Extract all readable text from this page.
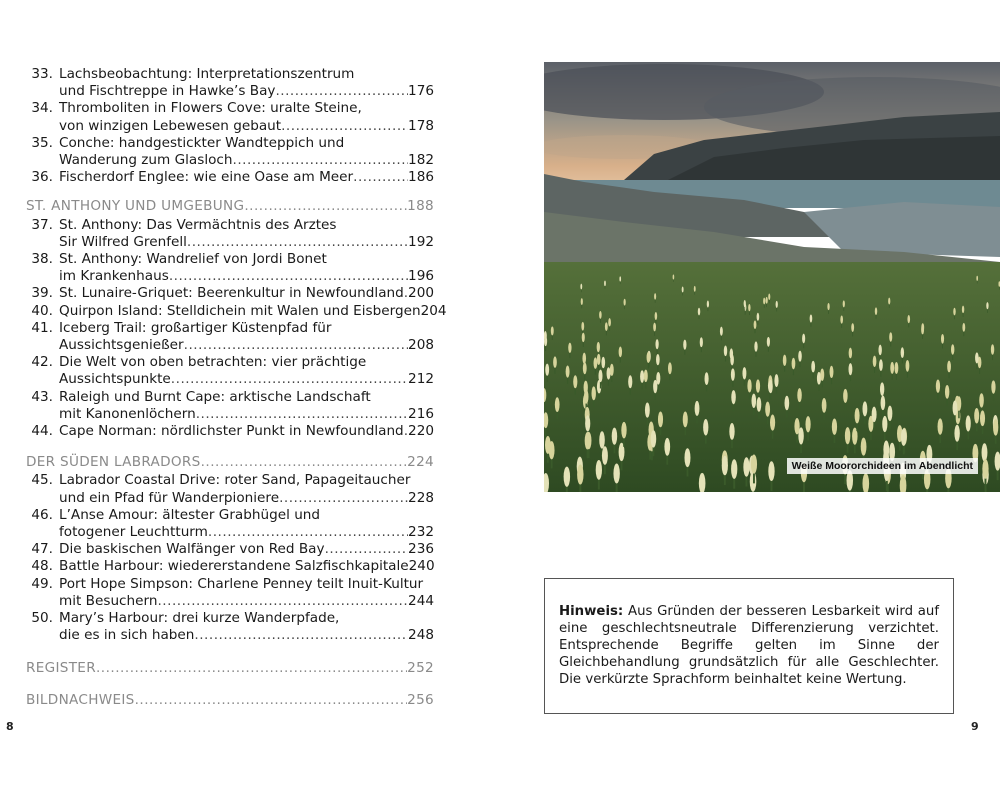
33. Lachsbeobachtung: Interpretationszentrum
und Fischtreppe in Hawke’s Bay .....	176
34. Thromboliten in Flowers Cove: uralte Steine,
von winzigen Lebewesen gebaut .....	178
35. Conche: handgestickter Wandteppich und
Wanderung zum Glasloch .....	182
36. Fischerdorf Englee: wie eine Oase am Meer .....	186
ST. ANTHONY UND UMGEBUNG .....	188
37. St. Anthony: Das Vermächtnis des Arztes
Sir Wilfred Grenfell .....	192
38. St. Anthony: Wandrelief von Jordi Bonet
im Krankenhaus .....	196
39. St. Lunaire-Griquet: Beerenkultur in Newfoundland ..... 200
40. Quirpon Island: Stelldichein mit Walen und Eisbergen 204
41. Iceberg Trail: großartiger Küstenpfad für
Aussichtsgenießer .....	208
42. Die Welt von oben betrachten: vier prächtige
Aussichtspunkte .....	212
43. Raleigh und Burnt Cape: arktische Landschaft
mit Kanonenlöchern .....	216
44. Cape Norman: nördlichster Punkt in Newfoundland ..... 220
DER SÜDEN LABRADORS .....	224
45. Labrador Coastal Drive: roter Sand, Papageitaucher
und ein Pfad für Wanderpioniere .....	228
46. L’Anse Amour: ältester Grabhügel und
fotogener Leuchtturm .....	232
47. Die baskischen Walfänger von Red Bay .....	236
48. Battle Harbour: wiedererstandene Salzfischkapitale 240
49. Port Hope Simpson: Charlene Penney teilt Inuit-Kultur
mit Besuchern .....	244
50. Mary’s Harbour: drei kurze Wanderpfade,
die es in sich haben .....	248
REGISTER .....	252
BILDNACHWEIS .....	256
8	9
Weiße Moororchideen im Abendlicht
Hinweis: Aus Gründen der besseren Lesbarkeit wird auf eine geschlechtsneutrale Differenzierung verzichtet. Entsprechende Begriffe gelten im Sinne der Gleichbehandlung grundsätzlich für alle Geschlechter. Die verkürzte Sprachform beinhaltet keine Wertung.
